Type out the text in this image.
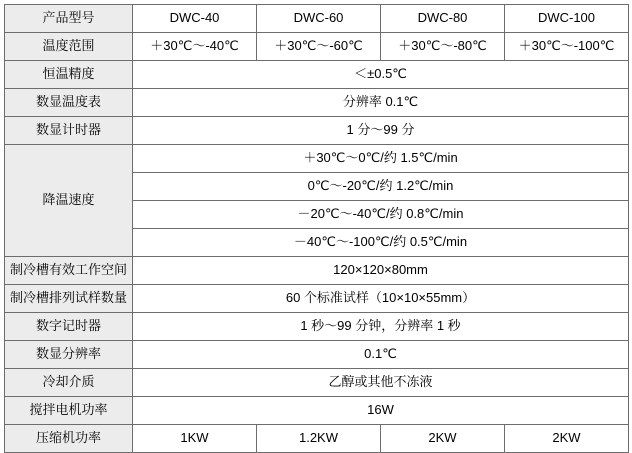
产品型号	DWC-40	DWC-60	DWC-80	DWC-100
温度范围	＋30℃～-40℃	＋30℃～-60℃	＋30℃～-80℃	＋30℃～-100℃
恒温精度	＜±0.5℃			
数显温度表	分辨率 0.1℃			
数显计时器	1 分～99 分			
降温速度	＋30℃～0℃/约 1.5℃/min			
	0℃～-20℃/约 1.2℃/min			
	－20℃～-40℃/约 0.8℃/min			
	－40℃～-100℃/约 0.5℃/min			
制冷槽有效工作空间	120×120×80mm			
制冷槽排列试样数量	60 个标准试样（10×10×55mm）			
数字记时器	1 秒～99 分钟，分辨率 1 秒			
数显分辨率	0.1℃			
冷却介质	乙醇或其他不冻液			
搅拌电机功率	16W			
压缩机功率	1KW	1.2KW	2KW	2KW
